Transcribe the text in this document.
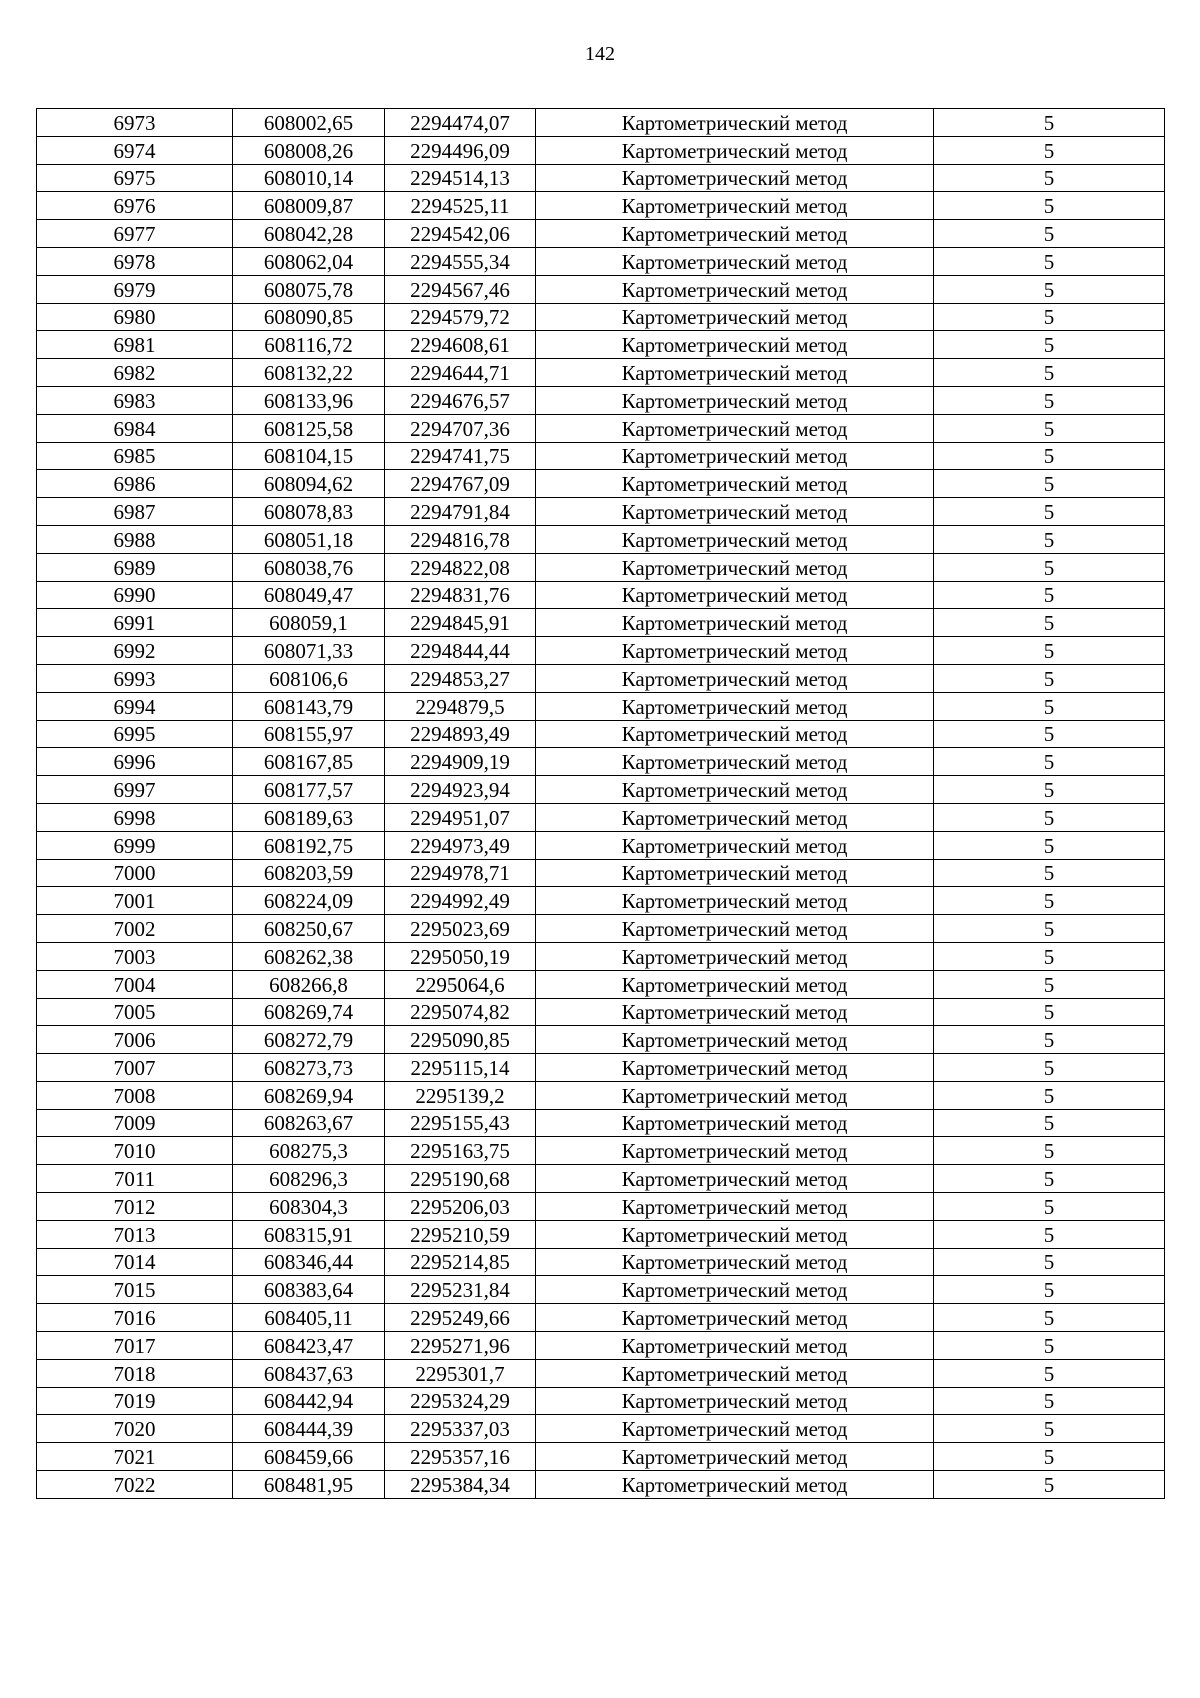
142
6973	608002,65	2294474,07	Картометрический метод	5
6974	608008,26	2294496,09	Картометрический метод	5
6975	608010,14	2294514,13	Картометрический метод	5
6976	608009,87	2294525,11	Картометрический метод	5
6977	608042,28	2294542,06	Картометрический метод	5
6978	608062,04	2294555,34	Картометрический метод	5
6979	608075,78	2294567,46	Картометрический метод	5
6980	608090,85	2294579,72	Картометрический метод	5
6981	608116,72	2294608,61	Картометрический метод	5
6982	608132,22	2294644,71	Картометрический метод	5
6983	608133,96	2294676,57	Картометрический метод	5
6984	608125,58	2294707,36	Картометрический метод	5
6985	608104,15	2294741,75	Картометрический метод	5
6986	608094,62	2294767,09	Картометрический метод	5
6987	608078,83	2294791,84	Картометрический метод	5
6988	608051,18	2294816,78	Картометрический метод	5
6989	608038,76	2294822,08	Картометрический метод	5
6990	608049,47	2294831,76	Картометрический метод	5
6991	608059,1	2294845,91	Картометрический метод	5
6992	608071,33	2294844,44	Картометрический метод	5
6993	608106,6	2294853,27	Картометрический метод	5
6994	608143,79	2294879,5	Картометрический метод	5
6995	608155,97	2294893,49	Картометрический метод	5
6996	608167,85	2294909,19	Картометрический метод	5
6997	608177,57	2294923,94	Картометрический метод	5
6998	608189,63	2294951,07	Картометрический метод	5
6999	608192,75	2294973,49	Картометрический метод	5
7000	608203,59	2294978,71	Картометрический метод	5
7001	608224,09	2294992,49	Картометрический метод	5
7002	608250,67	2295023,69	Картометрический метод	5
7003	608262,38	2295050,19	Картометрический метод	5
7004	608266,8	2295064,6	Картометрический метод	5
7005	608269,74	2295074,82	Картометрический метод	5
7006	608272,79	2295090,85	Картометрический метод	5
7007	608273,73	2295115,14	Картометрический метод	5
7008	608269,94	2295139,2	Картометрический метод	5
7009	608263,67	2295155,43	Картометрический метод	5
7010	608275,3	2295163,75	Картометрический метод	5
7011	608296,3	2295190,68	Картометрический метод	5
7012	608304,3	2295206,03	Картометрический метод	5
7013	608315,91	2295210,59	Картометрический метод	5
7014	608346,44	2295214,85	Картометрический метод	5
7015	608383,64	2295231,84	Картометрический метод	5
7016	608405,11	2295249,66	Картометрический метод	5
7017	608423,47	2295271,96	Картометрический метод	5
7018	608437,63	2295301,7	Картометрический метод	5
7019	608442,94	2295324,29	Картометрический метод	5
7020	608444,39	2295337,03	Картометрический метод	5
7021	608459,66	2295357,16	Картометрический метод	5
7022	608481,95	2295384,34	Картометрический метод	5
